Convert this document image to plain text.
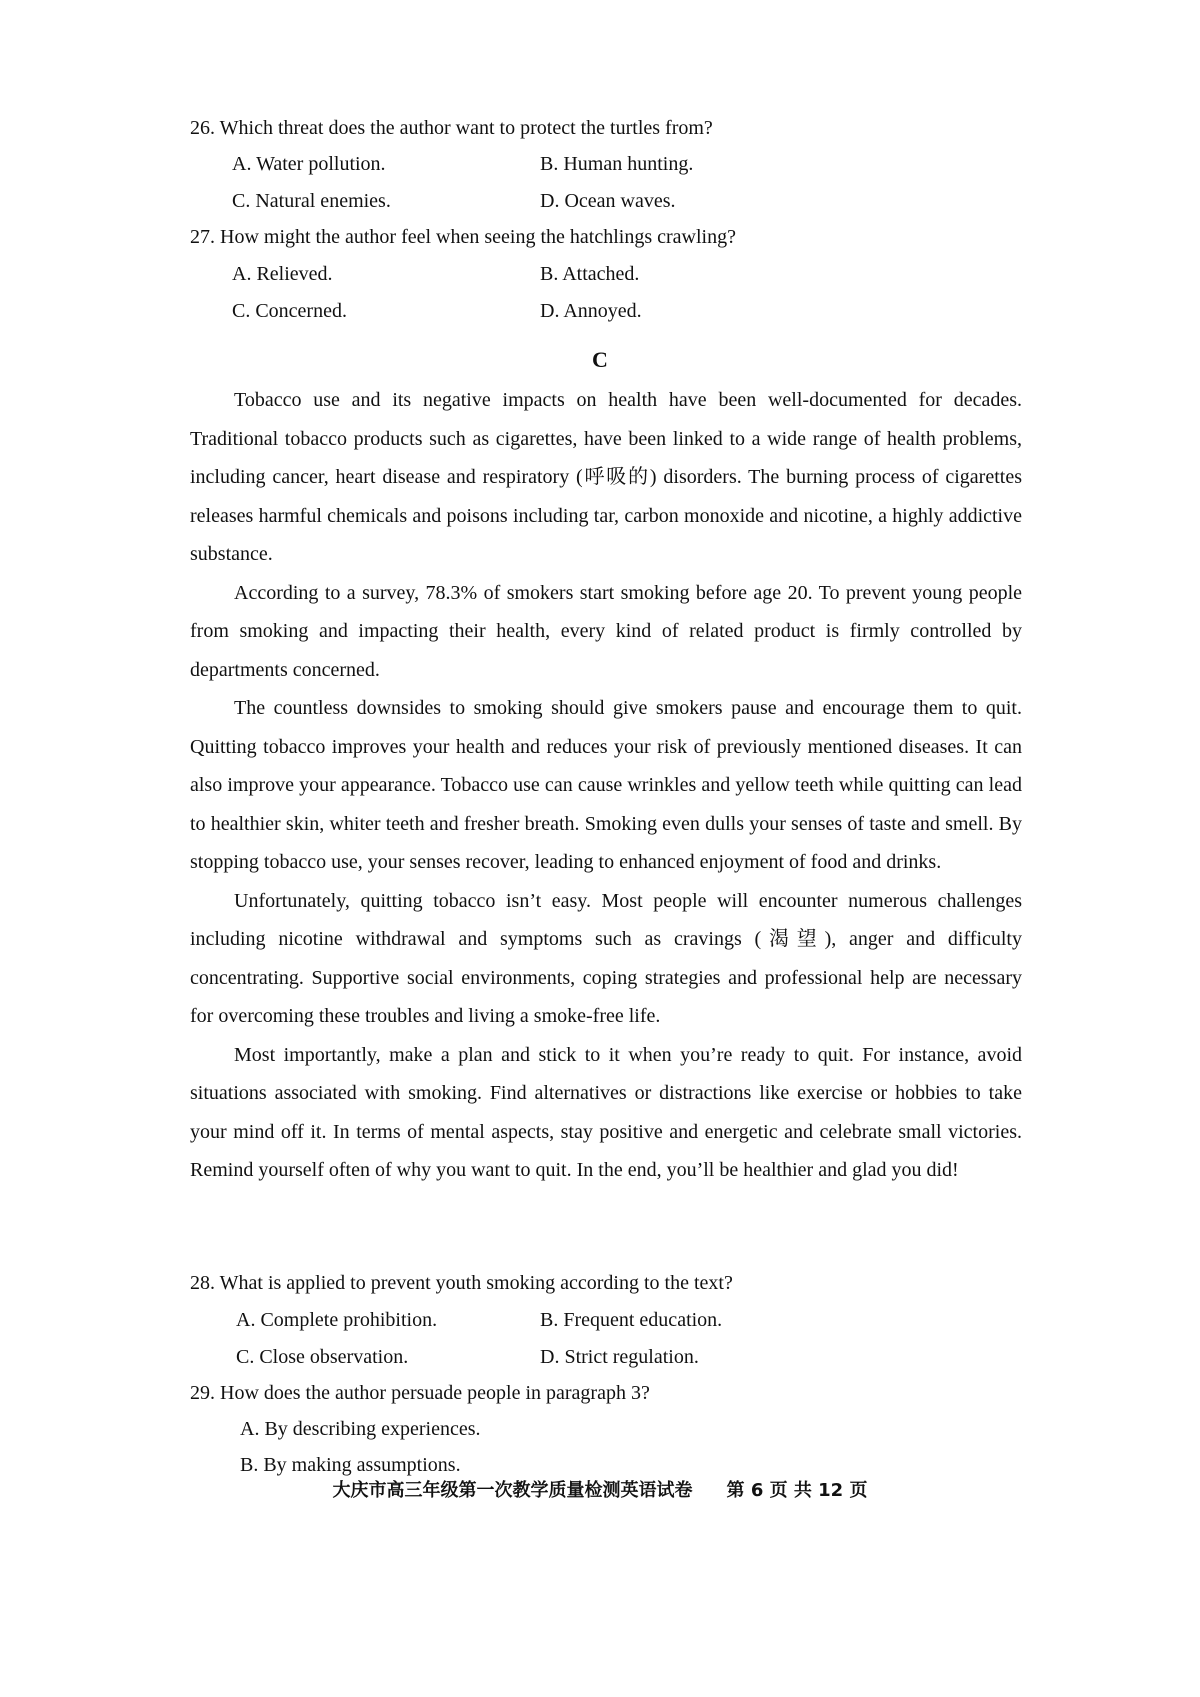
26. Which threat does the author want to protect the turtles from?
A. Water pollution.	B. Human hunting.
C. Natural enemies.	D. Ocean waves.
27. How might the author feel when seeing the hatchlings crawling?
A. Relieved.	B. Attached.
C. Concerned.	D. Annoyed.
C

Tobacco use and its negative impacts on health have been well-documented for decades. Traditional tobacco products such as cigarettes, have been linked to a wide range of health problems, including cancer, heart disease and respiratory (呼吸的) disorders. The burning process of cigarettes releases harmful chemicals and poisons including tar, carbon monoxide and nicotine, a highly addictive substance.

According to a survey, 78.3% of smokers start smoking before age 20. To prevent young people from smoking and impacting their health, every kind of related product is firmly controlled by departments concerned.

The countless downsides to smoking should give smokers pause and encourage them to quit. Quitting tobacco improves your health and reduces your risk of previously mentioned diseases. It can also improve your appearance. Tobacco use can cause wrinkles and yellow teeth while quitting can lead to healthier skin, whiter teeth and fresher breath. Smoking even dulls your senses of taste and smell. By stopping tobacco use, your senses recover, leading to enhanced enjoyment of food and drinks.

Unfortunately, quitting tobacco isn’t easy. Most people will encounter numerous challenges including nicotine withdrawal and symptoms such as cravings (渴望), anger and difficulty concentrating. Supportive social environments, coping strategies and professional help are necessary for overcoming these troubles and living a smoke-free life.

Most importantly, make a plan and stick to it when you’re ready to quit. For instance, avoid situations associated with smoking. Find alternatives or distractions like exercise or hobbies to take your mind off it. In terms of mental aspects, stay positive and energetic and celebrate small victories. Remind yourself often of why you want to quit. In the end, you’ll be healthier and glad you did!

28. What is applied to prevent youth smoking according to the text?
A. Complete prohibition.	B. Frequent education.
C. Close observation.	D. Strict regulation.
29. How does the author persuade people in paragraph 3?
A. By describing experiences.
B. By making assumptions.
大庆市高三年级第一次教学质量检测英语试卷 第 6 页 共 12 页
